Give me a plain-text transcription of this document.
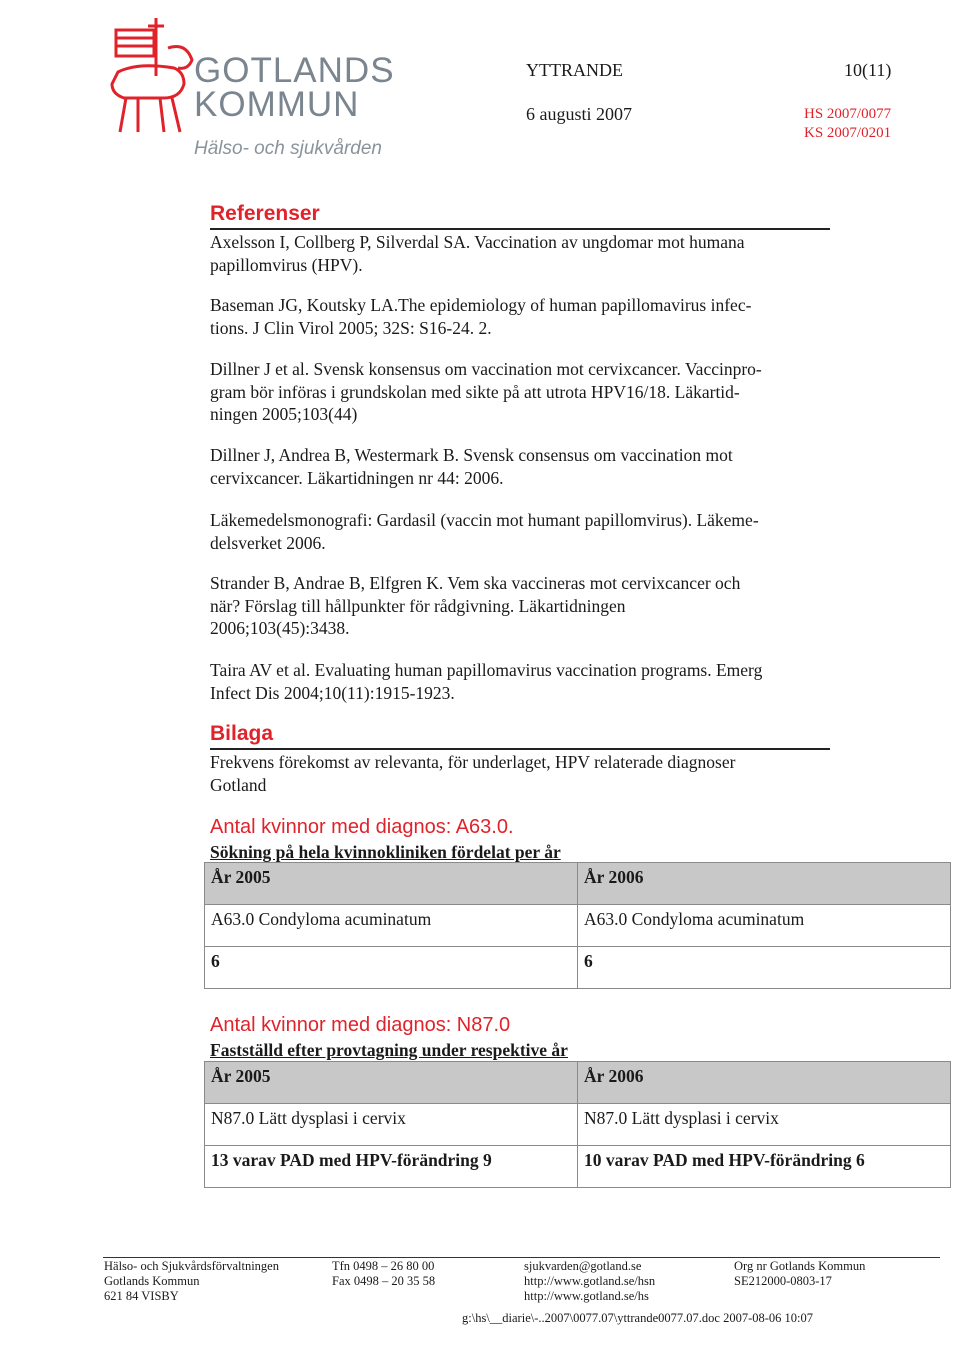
GOTLANDS
KOMMUN
Hälso- och sjukvården
YTTRANDE	10(11)
6 augusti 2007	HS 2007/0077
KS 2007/0201
Referenser

Axelsson I, Collberg P, Silverdal SA. Vaccination av ungdomar mot humana

papillomvirus (HPV).

Baseman JG, Koutsky LA.The epidemiology of human papillomavirus infec-

tions. J Clin Virol 2005; 32S: S16-24. 2.

Dillner J et al. Svensk konsensus om vaccination mot cervixcancer. Vaccinpro-

gram bör införas i grundskolan med sikte på att utrota HPV16/18. Läkartid-

ningen 2005;103(44)

Dillner J, Andrea B, Westermark B. Svensk consensus om vaccination mot

cervixcancer. Läkartidningen nr 44: 2006.

Läkemedelsmonografi: Gardasil (vaccin mot humant papillomvirus). Läkeme-

delsverket 2006.

Strander B, Andrae B, Elfgren K. Vem ska vaccineras mot cervixcancer och

när? Förslag till hållpunkter för rådgivning. Läkartidningen

2006;103(45):3438.

Taira AV et al. Evaluating human papillomavirus vaccination programs. Emerg

Infect Dis 2004;10(11):1915-1923.

Bilaga

Frekvens förekomst av relevanta, för underlaget, HPV relaterade diagnoser

Gotland

Antal kvinnor med diagnos: A63.0.
Sökning på hela kvinnokliniken fördelat per år
År 2005	År 2006

A63.0 Condyloma acuminatum	A63.0 Condyloma acuminatum

6	6
Antal kvinnor med diagnos: N87.0
Fastställd efter provtagning under respektive år
År 2005	År 2006

N87.0 Lätt dysplasi i cervix	N87.0 Lätt dysplasi i cervix

13 varav PAD med HPV-förändring 9	10 varav PAD med HPV-förändring 6
Hälso- och Sjukvårdsförvaltningen
Gotlands Kommun
621 84 VISBY
Tfn 0498 – 26 80 00
Fax 0498 – 20 35 58
sjukvarden@gotland.se
http://www.gotland.se/hsn
http://www.gotland.se/hs
Org nr Gotlands Kommun
SE212000-0803-17
g:\hs\__diarie\-..2007\0077.07\yttrande0077.07.doc 2007-08-06 10:07
